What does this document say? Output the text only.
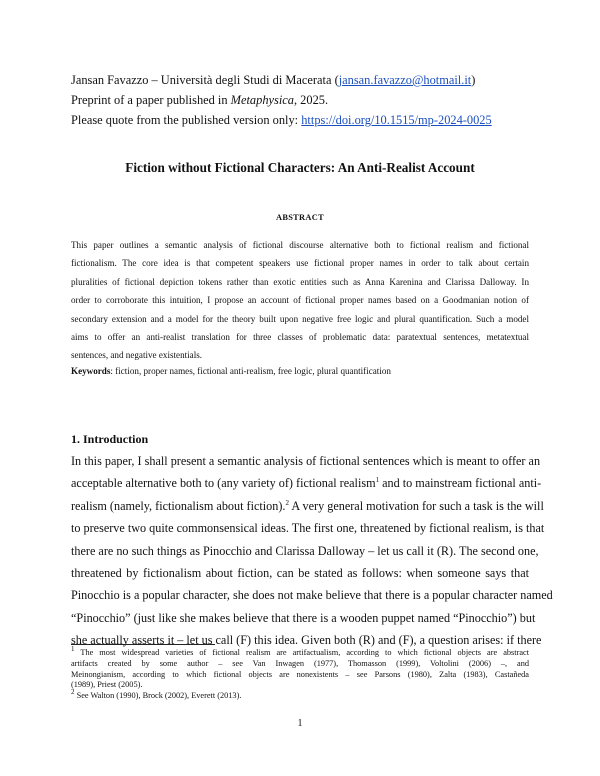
Jansan Favazzo – Università degli Studi di Macerata (jansan.favazzo@hotmail.it)
Preprint of a paper published in Metaphysica, 2025.
Please quote from the published version only: https://doi.org/10.1515/mp-2024-0025
Fiction without Fictional Characters: An Anti-Realist Account
ABSTRACT
This paper outlines a semantic analysis of fictional discourse alternative both to fictional realism and fictional
fictionalism. The core idea is that competent speakers use fictional proper names in order to talk about certain
pluralities of fictional depiction tokens rather than exotic entities such as Anna Karenina and Clarissa Dalloway. In
order to corroborate this intuition, I propose an account of fictional proper names based on a Goodmanian notion of
secondary extension and a model for the theory built upon negative free logic and plural quantification. Such a model
aims to offer an anti-realist translation for three classes of problematic data: paratextual sentences, metatextual
sentences, and negative existentials.
Keywords: fiction, proper names, fictional anti-realism, free logic, plural quantification
1. Introduction
In this paper, I shall present a semantic analysis of fictional sentences which is meant to offer an
acceptable alternative both to (any variety of) fictional realism$^1$ and to mainstream fictional anti-
realism (namely, fictionalism about fiction).$^2$ A very general motivation for such a task is the will
to preserve two quite commonsensical ideas. The first one, threatened by fictional realism, is that
there are no such things as Pinocchio and Clarissa Dalloway – let us call it (R). The second one,
threatened by fictionalism about fiction, can be stated as follows: when someone says that
Pinocchio is a popular character, she does not make believe that there is a popular character named
“Pinocchio” (just like she makes believe that there is a wooden puppet named “Pinocchio”) but
she actually asserts it – let us call (F) this idea. Given both (R) and (F), a question arises: if there
$^1$ The most widespread varieties of fictional realism are artifactualism, according to which fictional objects are abstract
artifacts created by some author – see Van Inwagen (1977), Thomasson (1999), Voltolini (2006) –, and
Meinongianism, according to which fictional objects are nonexistents – see Parsons (1980), Zalta (1983), Castañeda
(1989), Priest (2005).
$^2$ See Walton (1990), Brock (2002), Everett (2013).
1
